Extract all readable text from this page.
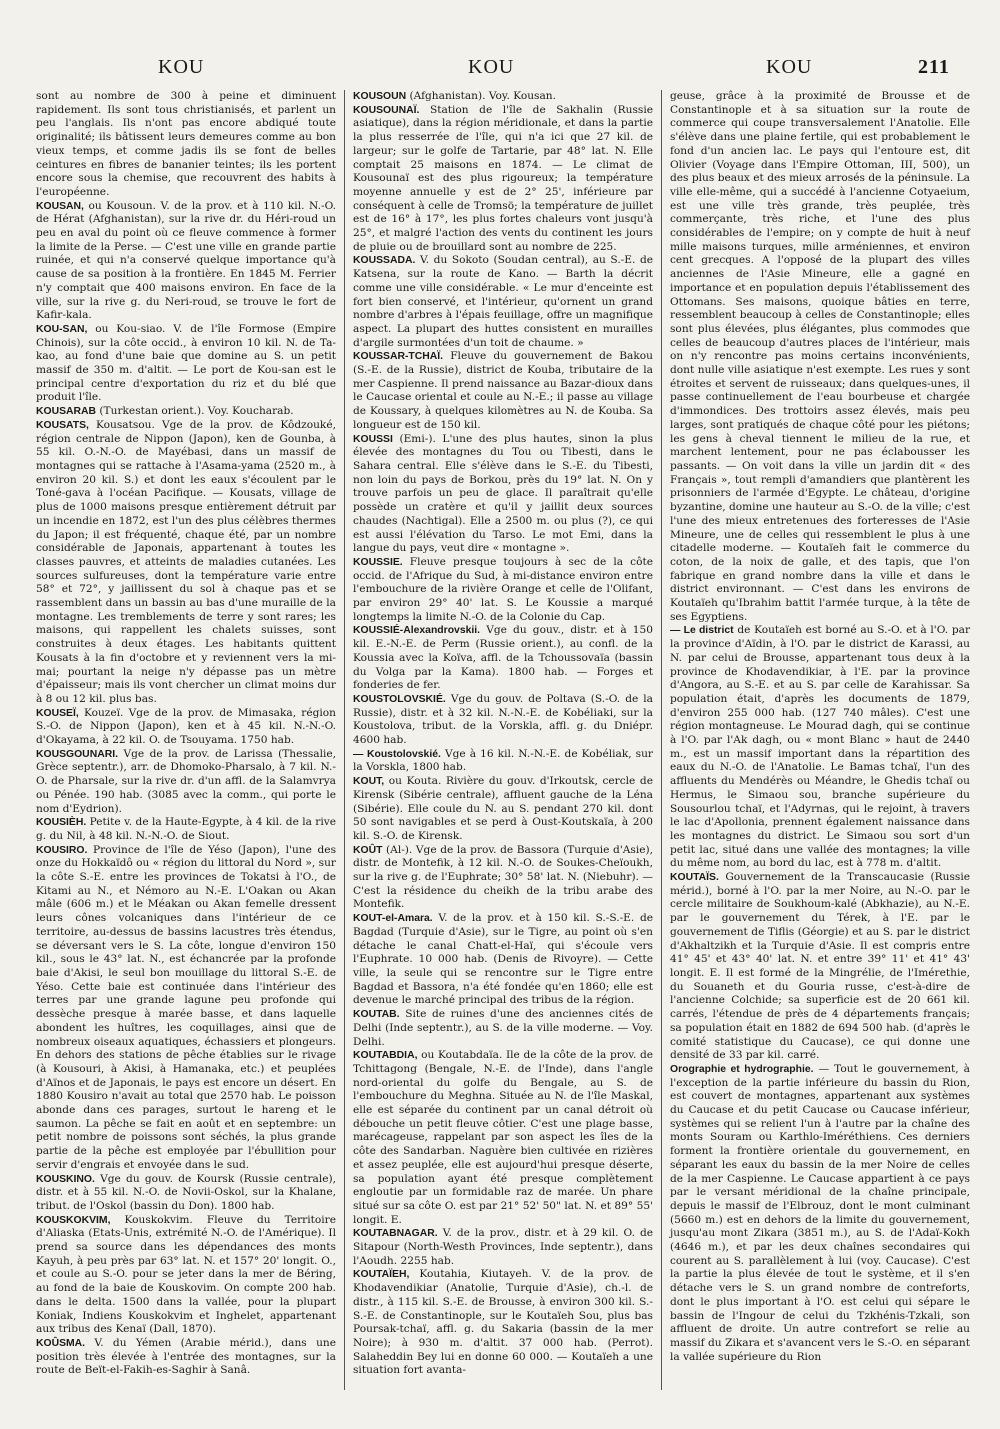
KOU	KOU	KOU	211

sont au nombre de 300 à peine et diminuent rapidement. Ils sont tous christianisés, et parlent un peu l'anglais. Ils n'ont pas encore abdiqué toute originalité; ils bâtissent leurs demeures comme au bon vieux temps, et comme jadis ils se font de belles ceintures en fibres de bananier teintes; ils les portent encore sous la chemise, que recouvrent des habits à l'européenne.

KOUSAN, ou Kousoun. V. de la prov. et à 110 kil. N.-O. de Hérat (Afghanistan), sur la rive dr. du Héri-roud un peu en aval du point où ce fleuve commence à former la limite de la Perse. — C'est une ville en grande partie ruinée, et qui n'a conservé quelque importance qu'à cause de sa position à la frontière. En 1845 M. Ferrier n'y comptait que 400 maisons environ. En face de la ville, sur la rive g. du Neri-roud, se trouve le fort de Kafir-kala.

KOU-SAN, ou Kou-siao. V. de l'île Formose (Empire Chinois), sur la côte occid., à environ 10 kil. N. de Ta-kao, au fond d'une baie que domine au S. un petit massif de 350 m. d'altit. — Le port de Kou-san est le principal centre d'exportation du riz et du blé que produit l'île.

KOUSARAB (Turkestan orient.). Voy. Koucharab.

KOUSATS, Kousatsou. Vge de la prov. de Kôdzouké, région centrale de Nippon (Japon), ken de Gounba, à 55 kil. O.-N.-O. de Mayébasi, dans un massif de montagnes qui se rattache à l'Asama-yama (2520 m., à environ 20 kil. S.) et dont les eaux s'écoulent par le Toné-gava à l'océan Pacifique. — Kousats, village de plus de 1000 maisons presque entièrement détruit par un incendie en 1872, est l'un des plus célèbres thermes du Japon; il est fréquenté, chaque été, par un nombre considérable de Japonais, appartenant à toutes les classes pauvres, et atteints de maladies cutanées. Les sources sulfureuses, dont la température varie entre 58° et 72°, y jaillissent du sol à chaque pas et se rassemblent dans un bassin au bas d'une muraille de la montagne. Les tremblements de terre y sont rares; les maisons, qui rappellent les chalets suisses, sont construites à deux étages. Les habitants quittent Kousats à la fin d'octobre et y reviennent vers la mi-mai; pourtant la neige n'y dépasse pas un mètre d'épaisseur; mais ils vont chercher un climat moins dur à 8 ou 12 kil. plus bas.

KOUSEÏ, Kouzeï. Vge de la prov. de Mimasaka, région S.-O. de Nippon (Japon), ken et à 45 kil. N.-N.-O. d'Okayama, à 22 kil. O. de Tsouyama. 1750 hab.

KOUSGOUNARI. Vge de la prov. de Larissa (Thessalie, Grèce septentr.), arr. de Dhomoko-Pharsalo, à 7 kil. N.-O. de Pharsale, sur la rive dr. d'un affl. de la Salamvrya ou Pénée. 190 hab. (3085 avec la comm., qui porte le nom d'Eydrion).

KOUSIÈH. Petite v. de la Haute-Egypte, à 4 kil. de la rive g. du Nil, à 48 kil. N.-N.-O. de Siout.

KOUSIRO. Province de l'île de Yéso (Japon), l'une des onze du Hokkaïdô ou « région du littoral du Nord », sur la côte S.-E. entre les provinces de Tokatsi à l'O., de Kitami au N., et Némoro au N.-E. L'Oakan ou Akan mâle (606 m.) et le Méakan ou Akan femelle dressent leurs cônes volcaniques dans l'intérieur de ce territoire, au-dessus de bassins lacustres très étendus, se déversant vers le S. La côte, longue d'environ 150 kil., sous le 43° lat. N., est échancrée par la profonde baie d'Akisi, le seul bon mouillage du littoral S.-E. de Yéso. Cette baie est continuée dans l'intérieur des terres par une grande lagune peu profonde qui dessèche presque à marée basse, et dans laquelle abondent les huîtres, les coquillages, ainsi que de nombreux oiseaux aquatiques, échassiers et plongeurs. En dehors des stations de pêche établies sur le rivage (à Kousouri, à Akisi, à Hamanaka, etc.) et peuplées d'Aïnos et de Japonais, le pays est encore un désert. En 1880 Kousiro n'avait au total que 2570 hab. Le poisson abonde dans ces parages, surtout le hareng et le saumon. La pêche se fait en août et en septembre: un petit nombre de poissons sont séchés, la plus grande partie de la pêche est employée par l'ébullition pour servir d'engrais et envoyée dans le sud.

KOUSKINO. Vge du gouv. de Koursk (Russie centrale), distr. et à 55 kil. N.-O. de Novii-Oskol, sur la Khalane, tribut. de l'Oskol (bassin du Don). 1800 hab.

KOUSKOKVIM, Kouskokvim. Fleuve du Territoire d'Aliaska (Etats-Unis, extrémité N.-O. de l'Amérique). Il prend sa source dans les dépendances des monts Kayuh, à peu près par 63° lat. N. et 157° 20' longit. O., et coule au S.-O. pour se jeter dans la mer de Béring, au fond de la baie de Kouskovim. On compte 200 hab. dans le delta. 1500 dans la vallée, pour la plupart Koniak, Indiens Kouskokvim et Inghelet, appartenant aux tribus des Kenaï (Dall, 1870).

KOÛSMA. V. du Yémen (Arabie mérid.), dans une position très élevée à l'entrée des montagnes, sur la route de Beït-el-Fakih-es-Saghir à Sanâ.

KOUSOUN (Afghanistan). Voy. Kousan.

KOUSOUNAÏ. Station de l'île de Sakhalin (Russie asiatique), dans la région méridionale, et dans la partie la plus resserrée de l'île, qui n'a ici que 27 kil. de largeur; sur le golfe de Tartarie, par 48° lat. N. Elle comptait 25 maisons en 1874. — Le climat de Kousounaï est des plus rigoureux; la température moyenne annuelle y est de 2° 25', inférieure par conséquent à celle de Tromsö; la température de juillet est de 16° à 17°, les plus fortes chaleurs vont jusqu'à 25°, et malgré l'action des vents du continent les jours de pluie ou de brouillard sont au nombre de 225.

KOUSSADA. V. du Sokoto (Soudan central), au S.-E. de Katsena, sur la route de Kano. — Barth la décrit comme une ville considérable. « Le mur d'enceinte est fort bien conservé, et l'intérieur, qu'ornent un grand nombre d'arbres à l'épais feuillage, offre un magnifique aspect. La plupart des huttes consistent en murailles d'argile surmontées d'un toit de chaume. »

KOUSSAR-TCHAÏ. Fleuve du gouvernement de Bakou (S.-E. de la Russie), district de Kouba, tributaire de la mer Caspienne. Il prend naissance au Bazar-dioux dans le Caucase oriental et coule au N.-E.; il passe au village de Koussary, à quelques kilomètres au N. de Kouba. Sa longueur est de 150 kil.

KOUSSI (Emi-). L'une des plus hautes, sinon la plus élevée des montagnes du Tou ou Tibesti, dans le Sahara central. Elle s'élève dans le S.-E. du Tibesti, non loin du pays de Borkou, près du 19° lat. N. On y trouve parfois un peu de glace. Il paraîtrait qu'elle possède un cratère et qu'il y jaillit deux sources chaudes (Nachtigal). Elle a 2500 m. ou plus (?), ce qui est aussi l'élévation du Tarso. Le mot Emi, dans la langue du pays, veut dire « montagne ».

KOUSSIE. Fleuve presque toujours à sec de la côte occid. de l'Afrique du Sud, à mi-distance environ entre l'embouchure de la rivière Orange et celle de l'Olifant, par environ 29° 40' lat. S. Le Koussie a marqué longtemps la limite N.-O. de la Colonie du Cap.

KOUSSIÉ-Alexandrovskii. Vge du gouv., distr. et à 150 kil. E.-N.-E. de Perm (Russie orient.), au confl. de la Koussia avec la Koïva, affl. de la Tchoussovaïa (bassin du Volga par la Kama). 1800 hab. — Forges et fonderies de fer.

KOUSTOLOVSKIÉ. Vge du gouv. de Poltava (S.-O. de la Russie), distr. et à 32 kil. N.-N.-E. de Kobéliaki, sur la Koustolova, tribut. de la Vorskla, affl. g. du Dniépr. 4600 hab.

— Koustolovskié. Vge à 16 kil. N.-N.-E. de Kobéliak, sur la Vorskla, 1800 hab.

KOUT, ou Kouta. Rivière du gouv. d'Irkoutsk, cercle de Kirensk (Sibérie centrale), affluent gauche de la Léna (Sibérie). Elle coule du N. au S. pendant 270 kil. dont 50 sont navigables et se perd à Oust-Koutskaïa, à 200 kil. S.-O. de Kirensk.

KOÛT (Al-). Vge de la prov. de Bassora (Turquie d'Asie), distr. de Montefik, à 12 kil. N.-O. de Soukes-Cheïoukh, sur la rive g. de l'Euphrate; 30° 58' lat. N. (Niebuhr). — C'est la résidence du cheikh de la tribu arabe des Montefik.

KOUT-el-Amara. V. de la prov. et à 150 kil. S.-S.-E. de Bagdad (Turquie d'Asie), sur le Tigre, au point où s'en détache le canal Chatt-el-Haï, qui s'écoule vers l'Euphrate. 10 000 hab. (Denis de Rivoyre). — Cette ville, la seule qui se rencontre sur le Tigre entre Bagdad et Bassora, n'a été fondée qu'en 1860; elle est devenue le marché principal des tribus de la région.

KOUTAB. Site de ruines d'une des anciennes cités de Delhi (Inde septentr.), au S. de la ville moderne. — Voy. Delhi.

KOUTABDIA, ou Koutabdaïa. Ile de la côte de la prov. de Tchittagong (Bengale, N.-E. de l'Inde), dans l'angle nord-oriental du golfe du Bengale, au S. de l'embouchure du Meghna. Située au N. de l'île Maskal, elle est séparée du continent par un canal détroit où débouche un petit fleuve côtier. C'est une plage basse, marécageuse, rappelant par son aspect les îles de la côte des Sandarban. Naguère bien cultivée en rizières et assez peuplée, elle est aujourd'hui presque déserte, sa population ayant été presque complètement engloutie par un formidable raz de marée. Un phare situé sur sa côte O. est par 21° 52' 50" lat. N. et 89° 55' longit. E.

KOUTABNAGAR. V. de la prov., distr. et à 29 kil. O. de Sitapour (North-Westh Provinces, Inde septentr.), dans l'Aoudh. 2255 hab.

KOUTAÏEH, Koutahia, Kiutayeh. V. de la prov. de Khodavendikiar (Anatolie, Turquie d'Asie), ch.-l. de distr., à 115 kil. S.-E. de Brousse, à environ 300 kil. S.-S.-E. de Constantinople, sur le Koutaïeh Sou, plus bas Poursak-tchaï, affl. g. du Sakaria (bassin de la mer Noire); à 930 m. d'altit. 37 000 hab. (Perrot). Salaheddin Bey lui en donne 60 000. — Koutaïeh a une situation fort avanta-

geuse, grâce à la proximité de Brousse et de Constantinople et à sa situation sur la route de commerce qui coupe transversalement l'Anatolie. Elle s'élève dans une plaine fertile, qui est probablement le fond d'un ancien lac. Le pays qui l'entoure est, dit Olivier (Voyage dans l'Empire Ottoman, III, 500), un des plus beaux et des mieux arrosés de la péninsule. La ville elle-même, qui a succédé à l'ancienne Cotyaeium, est une ville très grande, très peuplée, très commerçante, très riche, et l'une des plus considérables de l'empire; on y compte de huit à neuf mille maisons turques, mille arméniennes, et environ cent grecques. A l'opposé de la plupart des villes anciennes de l'Asie Mineure, elle a gagné en importance et en population depuis l'établissement des Ottomans. Ses maisons, quoique bâties en terre, ressemblent beaucoup à celles de Constantinople; elles sont plus élevées, plus élégantes, plus commodes que celles de beaucoup d'autres places de l'intérieur, mais on n'y rencontre pas moins certains inconvénients, dont nulle ville asiatique n'est exempte. Les rues y sont étroites et servent de ruisseaux; dans quelques-unes, il passe continuellement de l'eau bourbeuse et chargée d'immondices. Des trottoirs assez élevés, mais peu larges, sont pratiqués de chaque côté pour les piétons; les gens à cheval tiennent le milieu de la rue, et marchent lentement, pour ne pas éclabousser les passants. — On voit dans la ville un jardin dit « des Français », tout rempli d'amandiers que plantèrent les prisonniers de l'armée d'Egypte. Le château, d'origine byzantine, domine une hauteur au S.-O. de la ville; c'est l'une des mieux entretenues des forteresses de l'Asie Mineure, une de celles qui ressemblent le plus à une citadelle moderne. — Koutaïeh fait le commerce du coton, de la noix de galle, et des tapis, que l'on fabrique en grand nombre dans la ville et dans le district environnant. — C'est dans les environs de Koutaïeh qu'Ibrahim battit l'armée turque, à la tête de ses Egyptiens.

— Le district de Koutaïeh est borné au S.-O. et à l'O. par la province d'Aïdin, à l'O. par le district de Karassi, au N. par celui de Brousse, appartenant tous deux à la province de Khodavendikiar, à l'E. par la province d'Angora, au S.-E. et au S. par celle de Karahissar. Sa population était, d'après les documents de 1879, d'environ 255 000 hab. (127 740 mâles). C'est une région montagneuse. Le Mourad dagh, qui se continue à l'O. par l'Ak dagh, ou « mont Blanc » haut de 2440 m., est un massif important dans la répartition des eaux du N.-O. de l'Anatolie. Le Bamas tchaï, l'un des affluents du Mendérès ou Méandre, le Ghedis tchaï ou Hermus, le Simaou sou, branche supérieure du Sousourlou tchaï, et l'Adyrnas, qui le rejoint, à travers le lac d'Apollonia, prennent également naissance dans les montagnes du district. Le Simaou sou sort d'un petit lac, situé dans une vallée des montagnes; la ville du même nom, au bord du lac, est à 778 m. d'altit.

KOUTAÏS. Gouvernement de la Transcaucasie (Russie mérid.), borné à l'O. par la mer Noire, au N.-O. par le cercle militaire de Soukhoum-kalé (Abkhazie), au N.-E. par le gouvernement du Térek, à l'E. par le gouvernement de Tiflis (Géorgie) et au S. par le district d'Akhaltzikh et la Turquie d'Asie. Il est compris entre 41° 45' et 43° 40' lat. N. et entre 39° 11' et 41° 43' longit. E. Il est formé de la Mingrélie, de l'Imérethie, du Souaneth et du Gouria russe, c'est-à-dire de l'ancienne Colchide; sa superficie est de 20 661 kil. carrés, l'étendue de près de 4 départements français; sa population était en 1882 de 694 500 hab. (d'après le comité statistique du Caucase), ce qui donne une densité de 33 par kil. carré.

Orographie et hydrographie. — Tout le gouvernement, à l'exception de la partie inférieure du bassin du Rion, est couvert de montagnes, appartenant aux systèmes du Caucase et du petit Caucase ou Caucase inférieur, systèmes qui se relient l'un à l'autre par la chaîne des monts Souram ou Karthlo-Iméréthiens. Ces derniers forment la frontière orientale du gouvernement, en séparant les eaux du bassin de la mer Noire de celles de la mer Caspienne. Le Caucase appartient à ce pays par le versant méridional de la chaîne principale, depuis le massif de l'Elbrouz, dont le mont culminant (5660 m.) est en dehors de la limite du gouvernement, jusqu'au mont Zikara (3851 m.), au S. de l'Adaï-Kokh (4646 m.), et par les deux chaînes secondaires qui courent au S. parallèlement à lui (voy. Caucase). C'est la partie la plus élevée de tout le système, et il s'en détache vers le S. un grand nombre de contreforts, dont le plus important à l'O. est celui qui sépare le bassin de l'Ingour de celui du Tzkhénis-Tzkali, son affluent de droite. Un autre contrefort se relie au massif du Zikara et s'avancent vers le S.-O. en séparant la vallée supérieure du Rion
